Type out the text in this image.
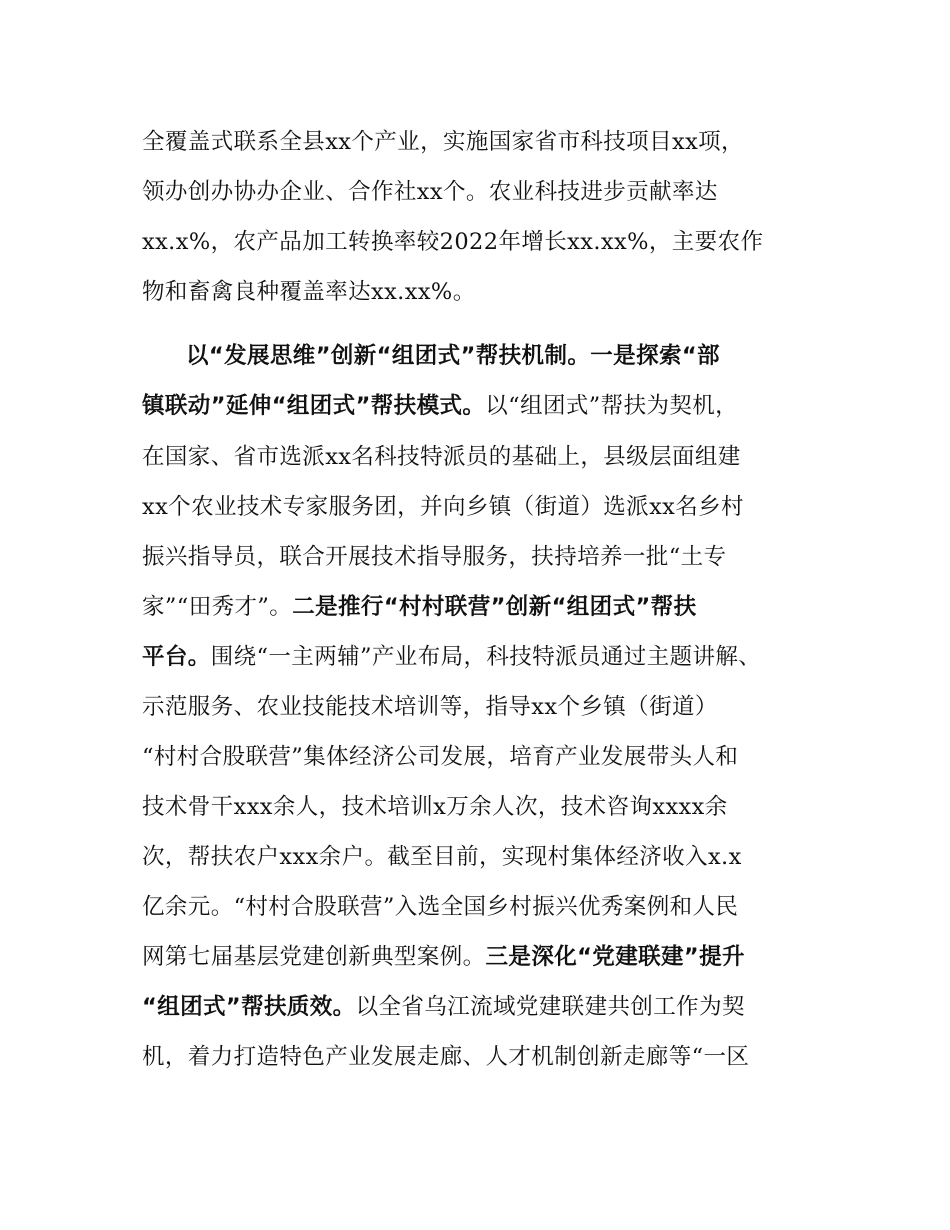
全覆盖式联系全县xx个产业，实施国家省市科技项目xx项，
领办创办协办企业、合作社xx个。农业科技进步贡献率达
xx.x%，农产品加工转换率较2022年增长xx.xx%，主要农作
物和畜禽良种覆盖率达xx.xx%。
以“发展思维”创新“组团式”帮扶机制。一是探索“部
镇联动”延伸“组团式”帮扶模式。以“组团式”帮扶为契机，
在国家、省市选派xx名科技特派员的基础上，县级层面组建
xx个农业技术专家服务团，并向乡镇（街道）选派xx名乡村
振兴指导员，联合开展技术指导服务，扶持培养一批“土专
家”“田秀才”。二是推行“村村联营”创新“组团式”帮扶
平台。围绕“一主两辅”产业布局，科技特派员通过主题讲解、
示范服务、农业技能技术培训等，指导xx个乡镇（街道）
“村村合股联营”集体经济公司发展，培育产业发展带头人和
技术骨干xxx余人，技术培训x万余人次，技术咨询xxxx余
次，帮扶农户xxx余户。截至目前，实现村集体经济收入x.x
亿余元。“村村合股联营”入选全国乡村振兴优秀案例和人民
网第七届基层党建创新典型案例。三是深化“党建联建”提升
“组团式”帮扶质效。以全省乌江流域党建联建共创工作为契
机，着力打造特色产业发展走廊、人才机制创新走廊等“一区
